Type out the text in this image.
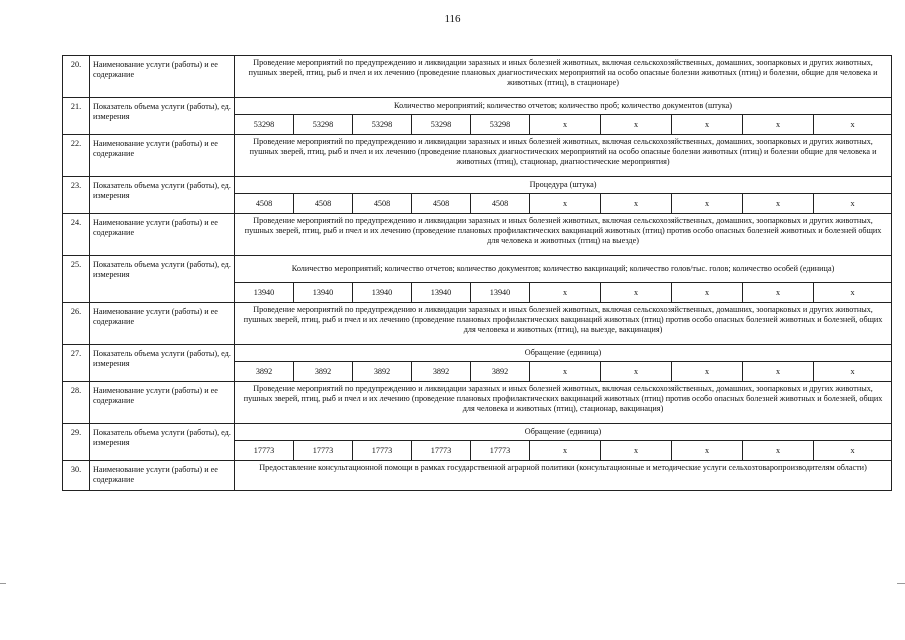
116
20.	Наименование услуги (работы) и ее содержание	Проведение мероприятий по предупреждению и ликвидации заразных и иных болезней животных, включая сельскохозяйственных, домашних, зоопарковых и других животных, пушных зверей, птиц, рыб и пчел и их лечению (проведение плановых диагностических мероприятий на особо опасные болезни животных (птиц) и болезни, общие для человека и животных (птиц), в стационаре)									
21.	Показатель объема услуги (работы), ед. измерения	Количество мероприятий; количество отчетов; количество проб; количество документов (штука)									
		53298	53298	53298	53298	53298	х	х	х	х	х
22.	Наименование услуги (работы) и ее содержание	Проведение мероприятий по предупреждению и ликвидации заразных и иных болезней животных, включая сельскохозяйственных, домашних, зоопарковых и других животных, пушных зверей, птиц, рыб и пчел и их лечению (проведение плановых диагностических мероприятий на особо опасные болезни животных (птиц) и болезни общие для человека и животных (птиц), стационар, диагностические мероприятия)									
23.	Показатель объема услуги (работы), ед. измерения	Процедура (штука)									
		4508	4508	4508	4508	4508	х	х	х	х	х
24.	Наименование услуги (работы) и ее содержание	Проведение мероприятий по предупреждению и ликвидации заразных и иных болезней животных, включая сельскохозяйственных, домашних, зоопарковых и других животных, пушных зверей, птиц, рыб и пчел и их лечению (проведение плановых профилактических вакцинаций животных (птиц) против особо опасных болезней животных и болезней общих для человека и животных (птиц) на выезде)									
25.	Показатель объема услуги (работы), ед. измерения	Количество мероприятий; количество отчетов; количество документов; количество вакцинаций; количество голов/тыс. голов; количество особей (единица)									
		13940	13940	13940	13940	13940	х	х	х	х	х
26.	Наименование услуги (работы) и ее содержание	Проведение мероприятий по предупреждению и ликвидации заразных и иных болезней животных, включая сельскохозяйственных, домашних, зоопарковых и других животных, пушных зверей, птиц, рыб и пчел и их лечению (проведение плановых профилактических вакцинаций животных (птиц) против особо опасных болезней животных и болезней, общих для человека и животных (птиц), на выезде, вакцинация)									
27.	Показатель объема услуги (работы), ед. измерения	Обращение (единица)									
		3892	3892	3892	3892	3892	х	х	х	х	х
28.	Наименование услуги (работы) и ее содержание	Проведение мероприятий по предупреждению и ликвидации заразных и иных болезней животных, включая сельскохозяйственных, домашних, зоопарковых и других животных, пушных зверей, птиц, рыб и пчел и их лечению (проведение плановых профилактических вакцинаций животных (птиц) против особо опасных болезней животных и болезней, общих для человека и животных (птиц), стационар, вакцинация)									
29.	Показатель объема услуги (работы), ед. измерения	Обращение (единица)									
		17773	17773	17773	17773	17773	х	х	х	х	х
30.	Наименование услуги (работы) и ее содержание	Предоставление консультационной помощи в рамках государственной аграрной политики (консультационные и методические услуги сельхозтоваропроизводителям области)									
